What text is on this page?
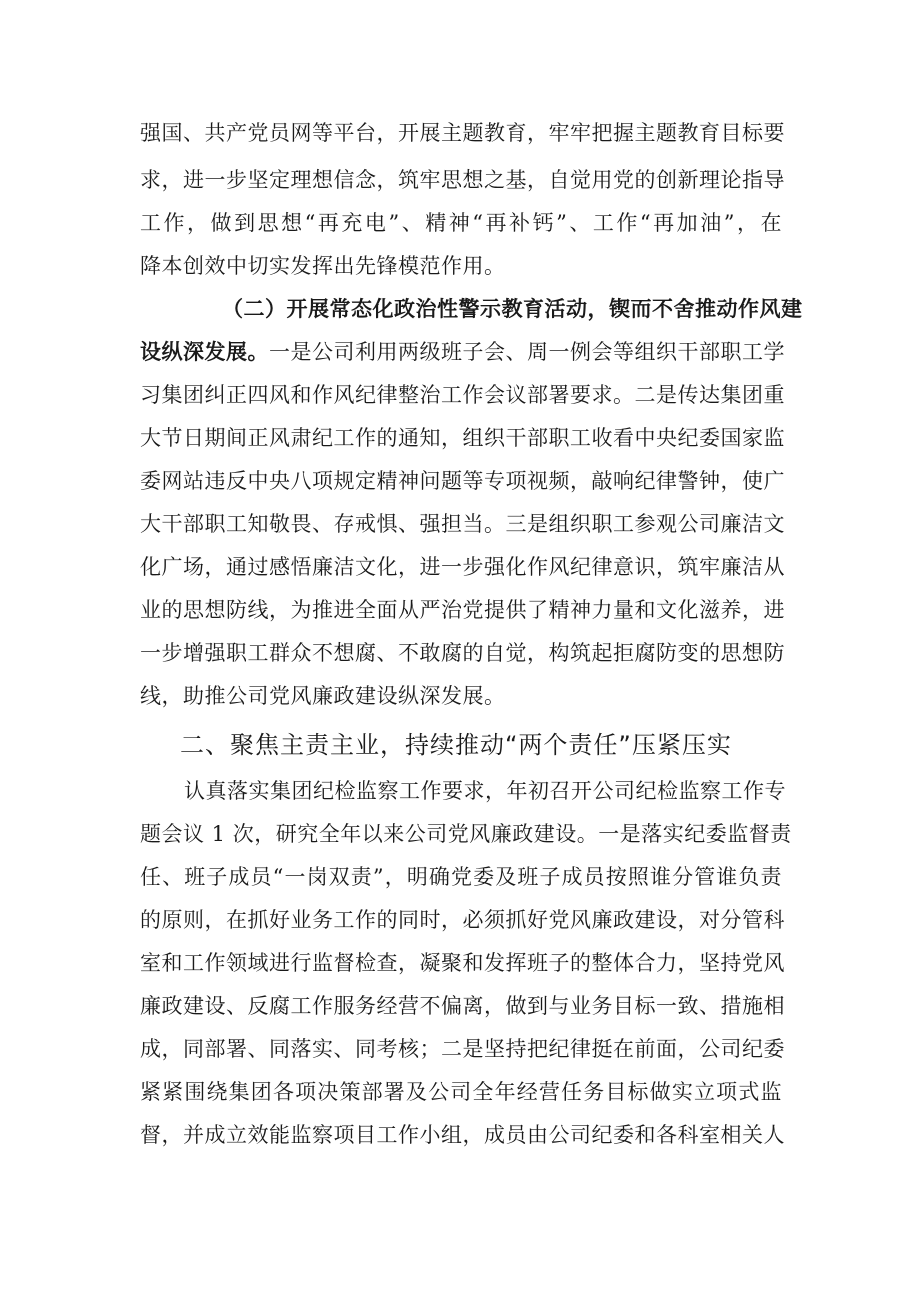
强国、共产党员网等平台，开展主题教育，牢牢把握主题教育目标要
求，进一步坚定理想信念，筑牢思想之基，自觉用党的创新理论指导
工作，做到思想“再充电”、精神“再补钙”、工作“再加油”，在
降本创效中切实发挥出先锋模范作用。
（二）开展常态化政治性警示教育活动，锲而不舍推动作风建
设纵深发展。一是公司利用两级班子会、周一例会等组织干部职工学
习集团纠正四风和作风纪律整治工作会议部署要求。二是传达集团重
大节日期间正风肃纪工作的通知，组织干部职工收看中央纪委国家监
委网站违反中央八项规定精神问题等专项视频，敲响纪律警钟，使广
大干部职工知敬畏、存戒惧、强担当。三是组织职工参观公司廉洁文
化广场，通过感悟廉洁文化，进一步强化作风纪律意识，筑牢廉洁从
业的思想防线，为推进全面从严治党提供了精神力量和文化滋养，进
一步增强职工群众不想腐、不敢腐的自觉，构筑起拒腐防变的思想防
线，助推公司党风廉政建设纵深发展。
二、聚焦主责主业，持续推动“两个责任”压紧压实
认真落实集团纪检监察工作要求，年初召开公司纪检监察工作专
题会议 1 次，研究全年以来公司党风廉政建设。一是落实纪委监督责
任、班子成员“一岗双责”，明确党委及班子成员按照谁分管谁负责
的原则，在抓好业务工作的同时，必须抓好党风廉政建设，对分管科
室和工作领域进行监督检查，凝聚和发挥班子的整体合力，坚持党风
廉政建设、反腐工作服务经营不偏离，做到与业务目标一致、措施相
成，同部署、同落实、同考核；二是坚持把纪律挺在前面，公司纪委
紧紧围绕集团各项决策部署及公司全年经营任务目标做实立项式监
督，并成立效能监察项目工作小组，成员由公司纪委和各科室相关人
